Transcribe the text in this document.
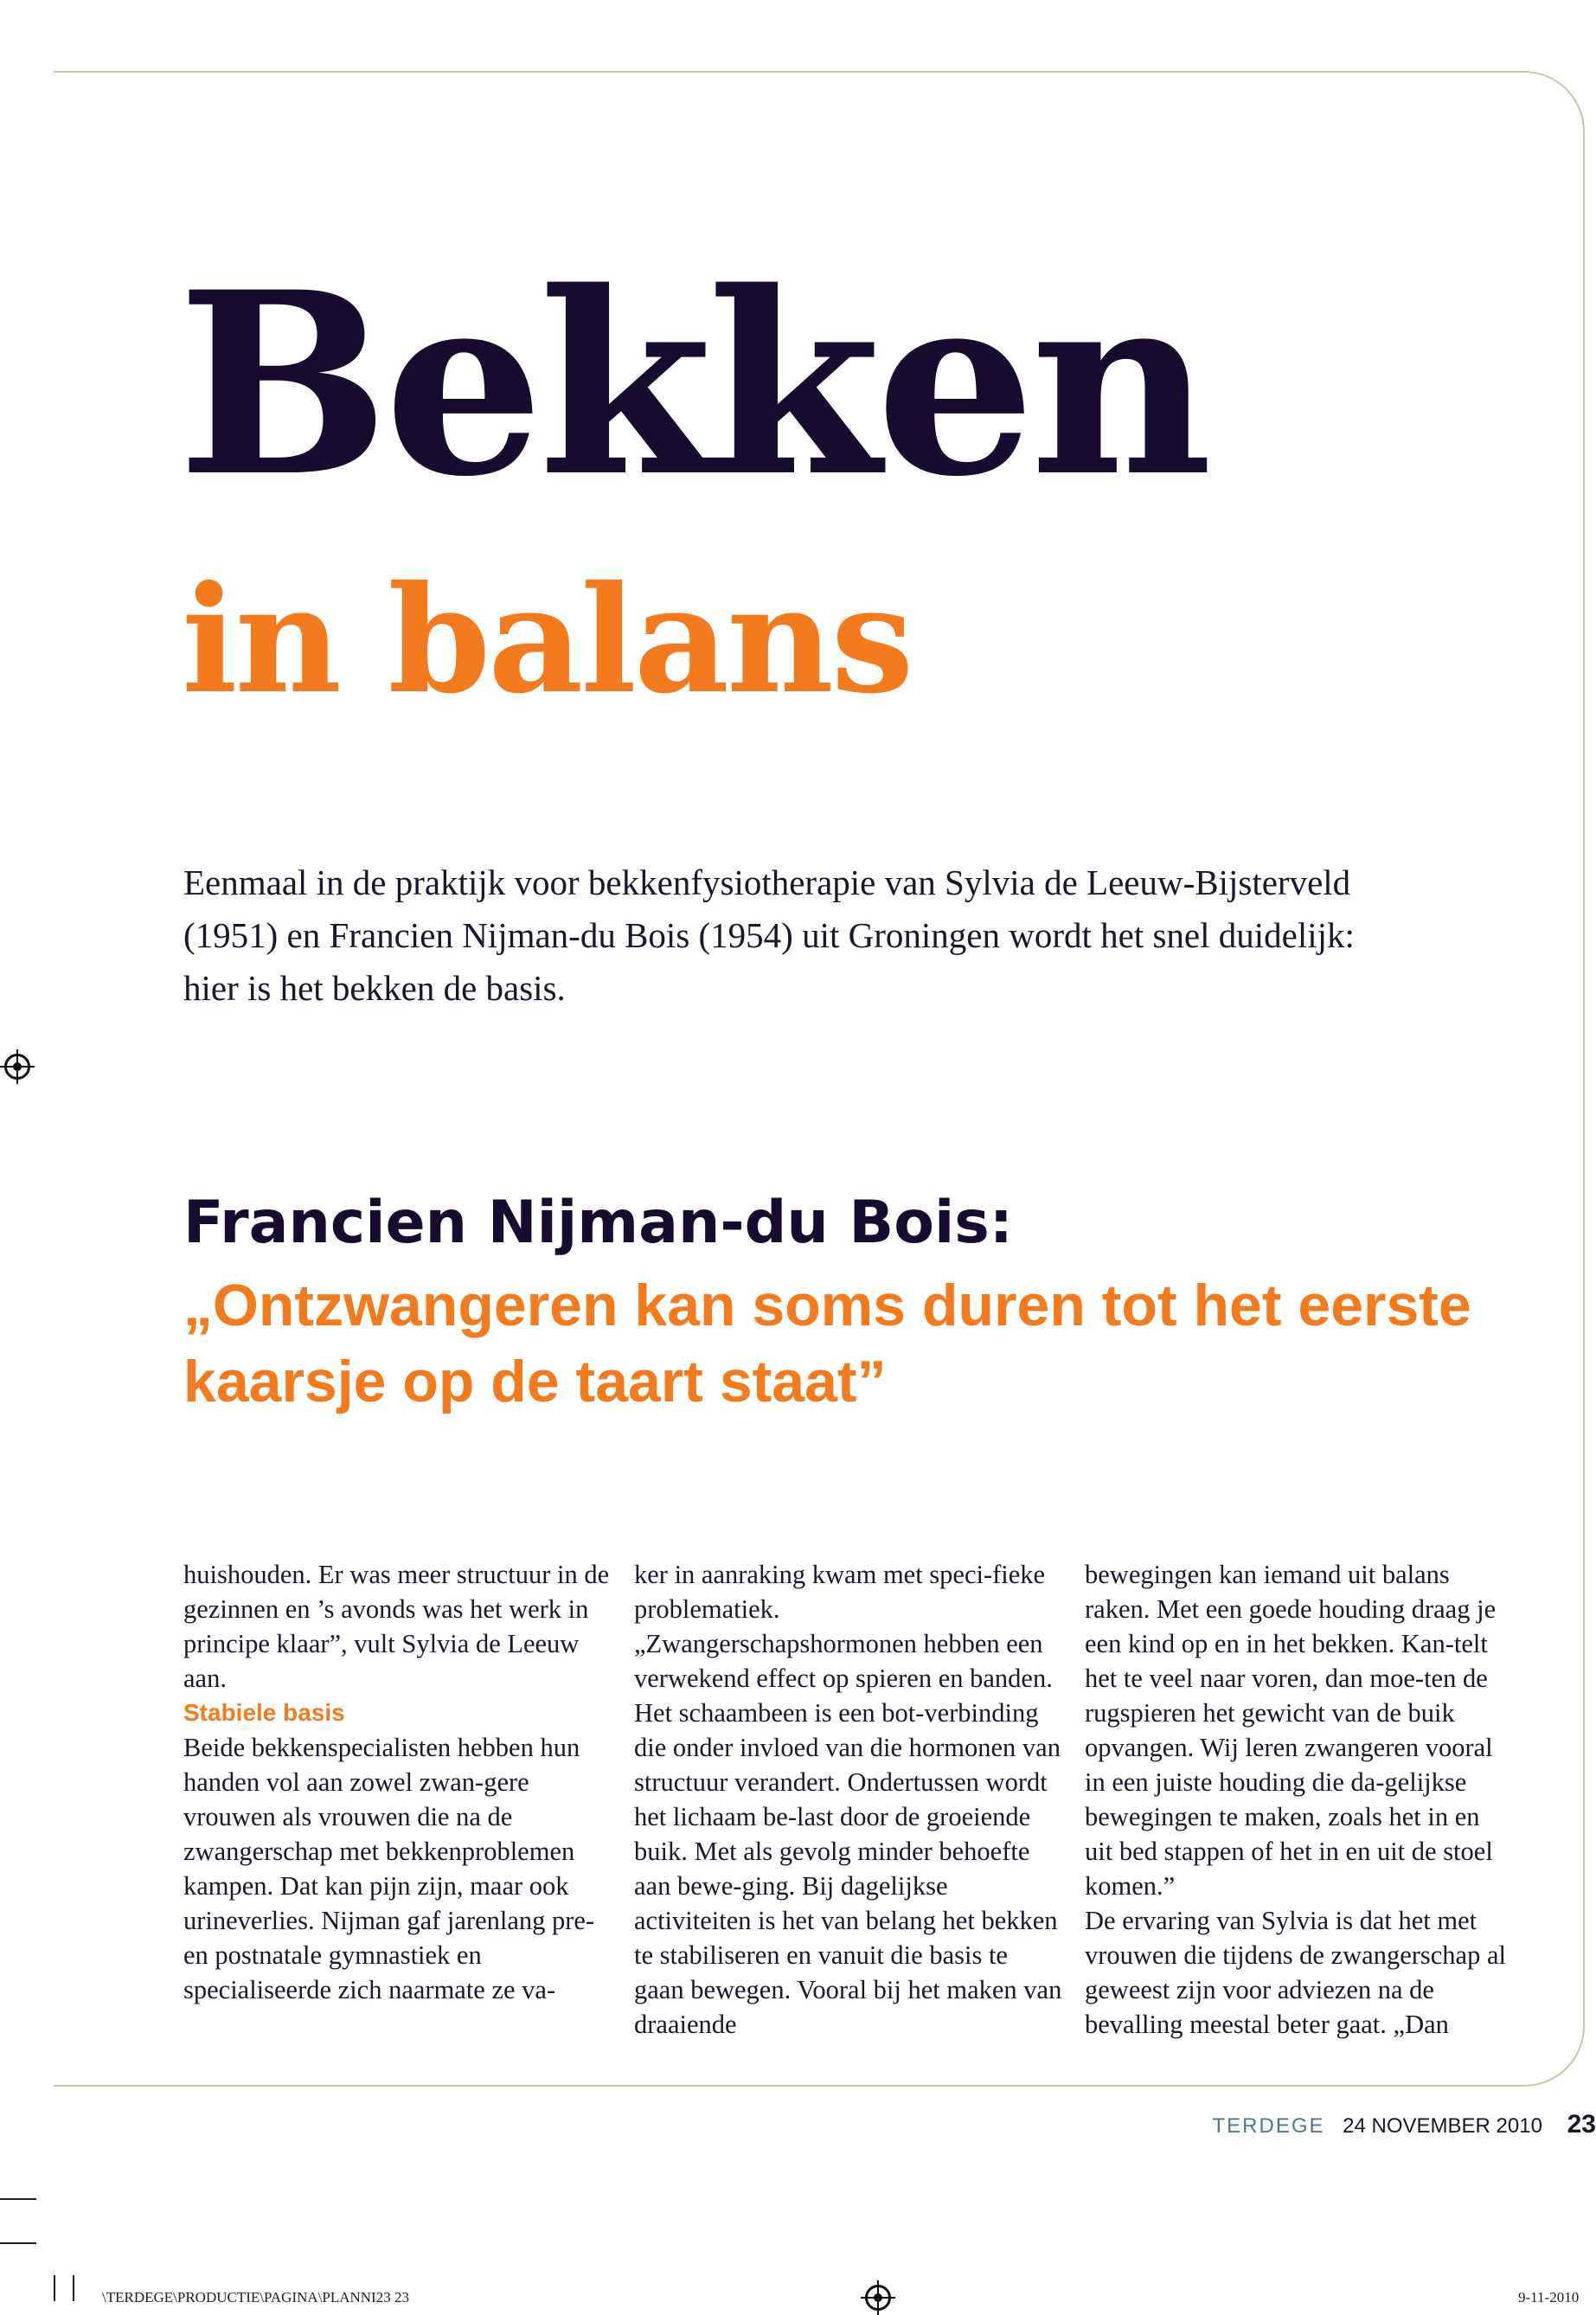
Bekken
in balans

Eenmaal in de praktijk voor bekkenfysiotherapie van Sylvia de Leeuw-Bijsterveld (1951) en Francien Nijman-du Bois (1954) uit Groningen wordt het snel duidelijk: hier is het bekken de basis.

Francien Nijman-du Bois:
„Ontzwangeren kan soms duren tot het eerste kaarsje op de taart staat”

huishouden. Er was meer structuur in de gezinnen en ’s avonds was het werk in principe klaar”, vult Sylvia de Leeuw aan.

Stabiele basis

Beide bekkenspecialisten hebben hun handen vol aan zowel zwan-gere vrouwen als vrouwen die na de zwangerschap met bekkenproblemen kampen. Dat kan pijn zijn, maar ook urineverlies. Nijman gaf jarenlang pre- en postnatale gymnastiek en specialiseerde zich naarmate ze va-

ker in aanraking kwam met speci-fieke problematiek.

„Zwangerschapshormonen hebben een verwekend effect op spieren en banden. Het schaambeen is een bot-verbinding die onder invloed van die hormonen van structuur verandert. Ondertussen wordt het lichaam be-last door de groeiende buik. Met als gevolg minder behoefte aan bewe-ging. Bij dagelijkse activiteiten is het van belang het bekken te stabiliseren en vanuit die basis te gaan bewegen. Vooral bij het maken van draaiende

bewegingen kan iemand uit balans raken. Met een goede houding draag je een kind op en in het bekken. Kan-telt het te veel naar voren, dan moe-ten de rugspieren het gewicht van de buik opvangen. Wij leren zwangeren vooral in een juiste houding die da-gelijkse bewegingen te maken, zoals het in en uit bed stappen of het in en uit de stoel komen.”

De ervaring van Sylvia is dat het met vrouwen die tijdens de zwangerschap al geweest zijn voor adviezen na de bevalling meestal beter gaat. „Dan

TERDEGE 24 NOVEMBER 2010 23
\TERDEGE\PRODUCTIE\PAGINA\PLANNI23 23	9-11-2010
